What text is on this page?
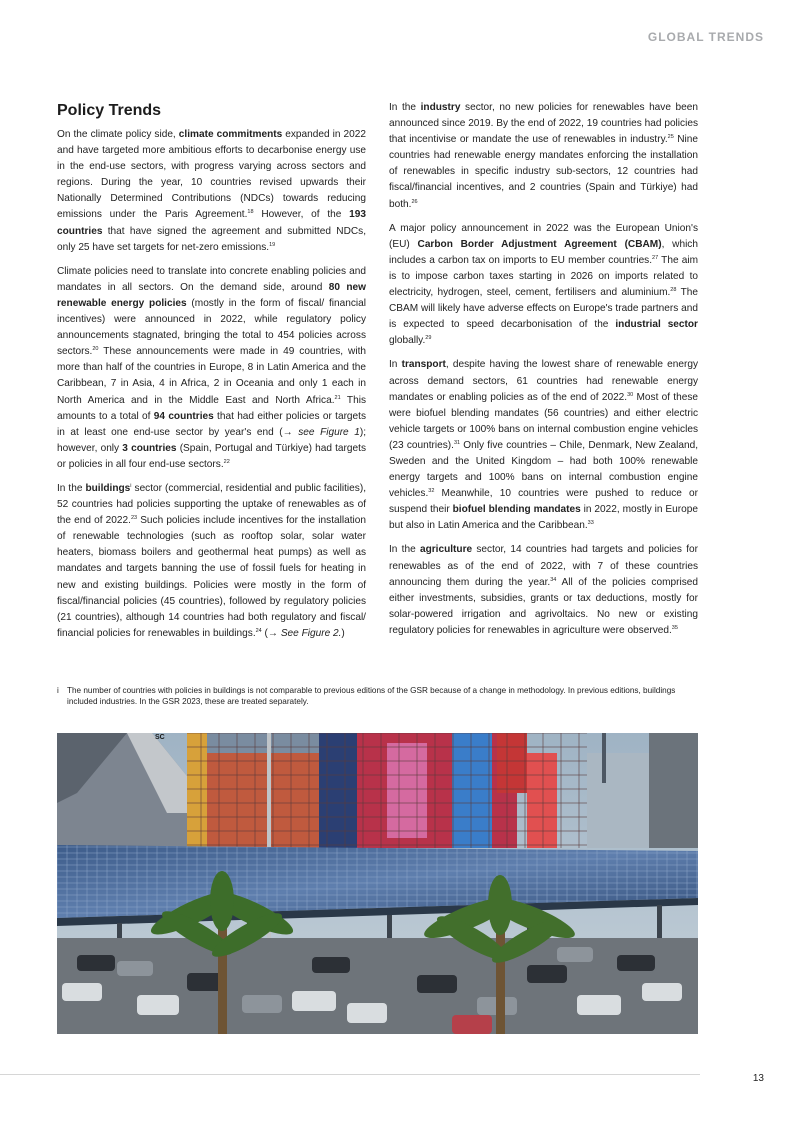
GLOBAL TRENDS
Policy Trends

On the climate policy side, climate commitments expanded in 2022 and have targeted more ambitious efforts to decarbonise energy use in the end-use sectors, with progress varying across sectors and regions. During the year, 10 countries revised upwards their Nationally Determined Contributions (NDCs) towards reducing emissions under the Paris Agreement.$^{18}$ However, of the 193 countries that have signed the agreement and submitted NDCs, only 25 have set targets for net-zero emissions.$^{19}$

Climate policies need to translate into concrete enabling policies and mandates in all sectors. On the demand side, around 80 new renewable energy policies (mostly in the form of fiscal/ financial incentives) were announced in 2022, while regulatory policy announcements stagnated, bringing the total to 454 policies across sectors.$^{20}$ These announcements were made in 49 countries, with more than half of the countries in Europe, 8 in Latin America and the Caribbean, 7 in Asia, 4 in Africa, 2 in Oceania and only 1 each in North America and in the Middle East and North Africa.$^{21}$ This amounts to a total of 94 countries that had either policies or targets in at least one end-use sector by year's end (→ see Figure 1); however, only 3 countries (Spain, Portugal and Türkiye) had targets or policies in all four end-use sectors.$^{22}$

In the buildings$^i$ sector (commercial, residential and public facilities), 52 countries had policies supporting the uptake of renewables as of the end of 2022.23 Such policies include incentives for the installation of renewable technologies (such as rooftop solar, solar water heaters, biomass boilers and geothermal heat pumps) as well as mandates and targets banning the use of fossil fuels for heating in new and existing buildings. Policies were mostly in the form of fiscal/financial policies (45 countries), followed by regulatory policies (21 countries), although 14 countries had both regulatory and fiscal/ financial policies for renewables in buildings.$^{24}$ (→ See Figure 2.)

In the industry sector, no new policies for renewables have been announced since 2019. By the end of 2022, 19 countries had policies that incentivise or mandate the use of renewables in industry.$^{25}$ Nine countries had renewable energy mandates enforcing the installation of renewables in specific industry sub-sectors, 12 countries had fiscal/financial incentives, and 2 countries (Spain and Türkiye) had both.$^{26}$

A major policy announcement in 2022 was the European Union's (EU) Carbon Border Adjustment Agreement (CBAM), which includes a carbon tax on imports to EU member countries.$^{27}$ The aim is to impose carbon taxes starting in 2026 on imports related to electricity, hydrogen, steel, cement, fertilisers and aluminium.$^{28}$ The CBAM will likely have adverse effects on Europe's trade partners and is expected to speed decarbonisation of the industrial sector globally.$^{29}$

In transport, despite having the lowest share of renewable energy across demand sectors, 61 countries had renewable energy mandates or enabling policies as of the end of 2022.30 Most of these were biofuel blending mandates (56 countries) and either electric vehicle targets or 100% bans on internal combustion engine vehicles (23 countries).$^{31}$ Only five countries – Chile, Denmark, New Zealand, Sweden and the United Kingdom – had both 100% renewable energy targets and 100% bans on internal combustion engine vehicles.$^{32}$ Meanwhile, 10 countries were pushed to reduce or suspend their biofuel blending mandates in 2022, mostly in Europe but also in Latin America and the Caribbean.$^{33}$

In the agriculture sector, 14 countries had targets and policies for renewables as of the end of 2022, with 7 of these countries announcing them during the year.$^{34}$ All of the policies comprised either investments, subsidies, grants or tax deductions, mostly for solar-powered irrigation and agrivoltaics. No new or existing regulatory policies for renewables in agriculture were observed.$^{35}$

i The number of countries with policies in buildings is not comparable to previous editions of the GSR because of a change in methodology. In previous editions, buildings included industries. In the GSR 2023, these are treated separately.
SC
13
